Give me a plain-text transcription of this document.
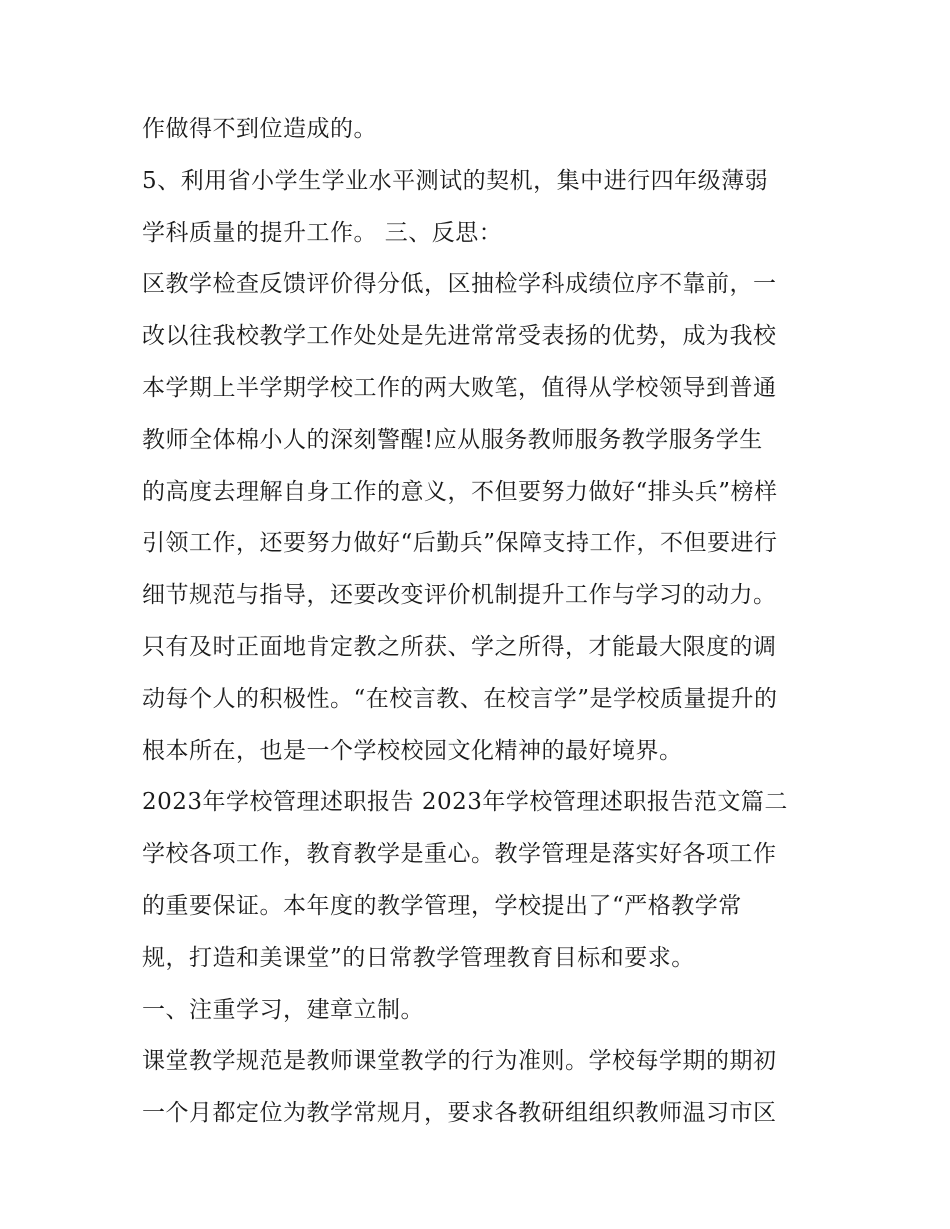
作做得不到位造成的。
5、利用省小学生学业水平测试的契机，集中进行四年级薄弱
学科质量的提升工作。 三、反思：
区教学检查反馈评价得分低，区抽检学科成绩位序不靠前，一
改以往我校教学工作处处是先进常常受表扬的优势，成为我校
本学期上半学期学校工作的两大败笔，值得从学校领导到普通
教师全体棉小人的深刻警醒!应从服务教师服务教学服务学生
的高度去理解自身工作的意义，不但要努力做好“排头兵”榜样
引领工作，还要努力做好“后勤兵”保障支持工作，不但要进行
细节规范与指导，还要改变评价机制提升工作与学习的动力。
只有及时正面地肯定教之所获、学之所得，才能最大限度的调
动每个人的积极性。“在校言教、在校言学”是学校质量提升的
根本所在，也是一个学校校园文化精神的最好境界。
2023年学校管理述职报告 2023年学校管理述职报告范文篇二
学校各项工作，教育教学是重心。教学管理是落实好各项工作
的重要保证。本年度的教学管理，学校提出了“严格教学常
规，打造和美课堂”的日常教学管理教育目标和要求。
一、注重学习，建章立制。
课堂教学规范是教师课堂教学的行为准则。学校每学期的期初
一个月都定位为教学常规月，要求各教研组组织教师温习市区
